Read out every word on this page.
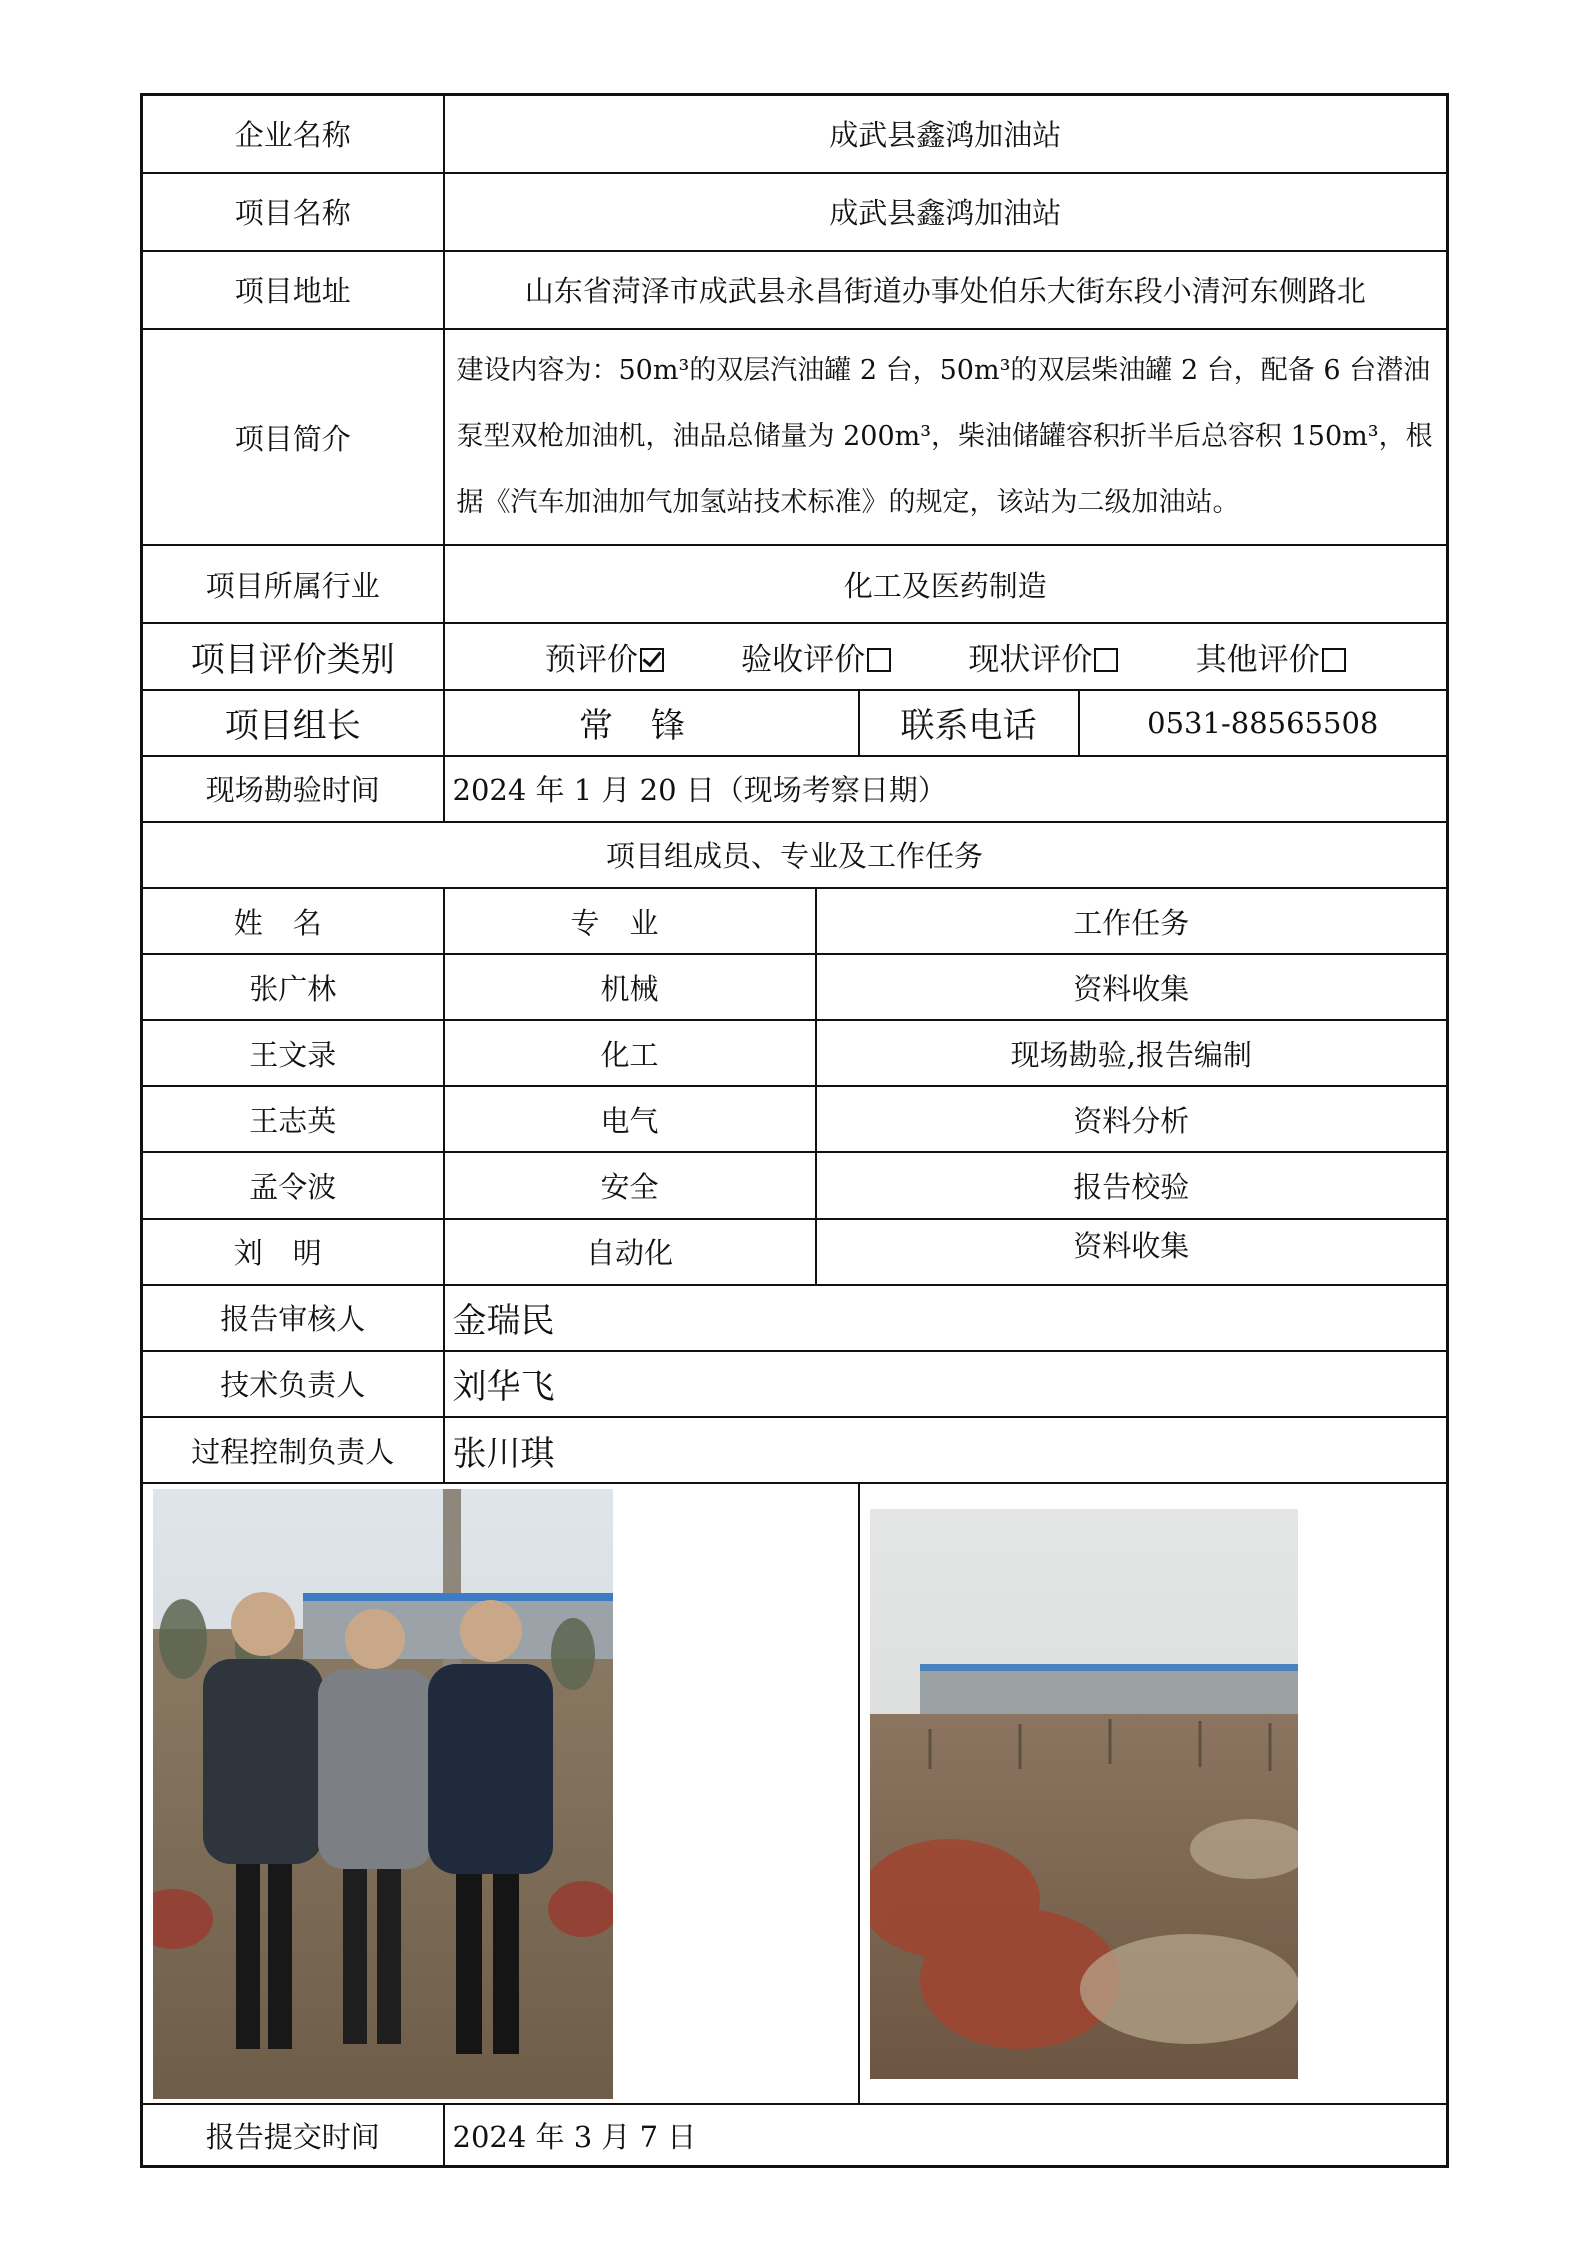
企业名称	成武县鑫鸿加油站			
项目名称	成武县鑫鸿加油站			
项目地址	山东省菏泽市成武县永昌街道办事处伯乐大街东段小清河东侧路北			
项目简介	建设内容为：50m³的双层汽油罐 2 台，50m³的双层柴油罐 2 台，配备 6 台潜油泵型双枪加油机，油品总储量为 200m³，柴油储罐容积折半后总容积 150m³，根据《汽车加油加气加氢站技术标准》的规定，该站为二级加油站。			
项目所属行业	化工及医药制造			
项目评价类别	预评价 验收评价 现状评价 其他评价			
项目组长	常锋		联系电话	0531-88565508
现场勘验时间	2024 年 1 月 20 日（现场考察日期）			
项目组成员、专业及工作任务				
姓名	专业	工作任务		
张广林	机械	资料收集		
王文录	化工	现场勘验,报告编制		
王志英	电气	资料分析		
孟令波	安全	报告校验		
刘明	自动化	资料收集		
报告审核人	金瑞民			
技术负责人	刘华飞			
过程控制负责人	张川琪			

报告提交时间	2024 年 3 月 7 日			
